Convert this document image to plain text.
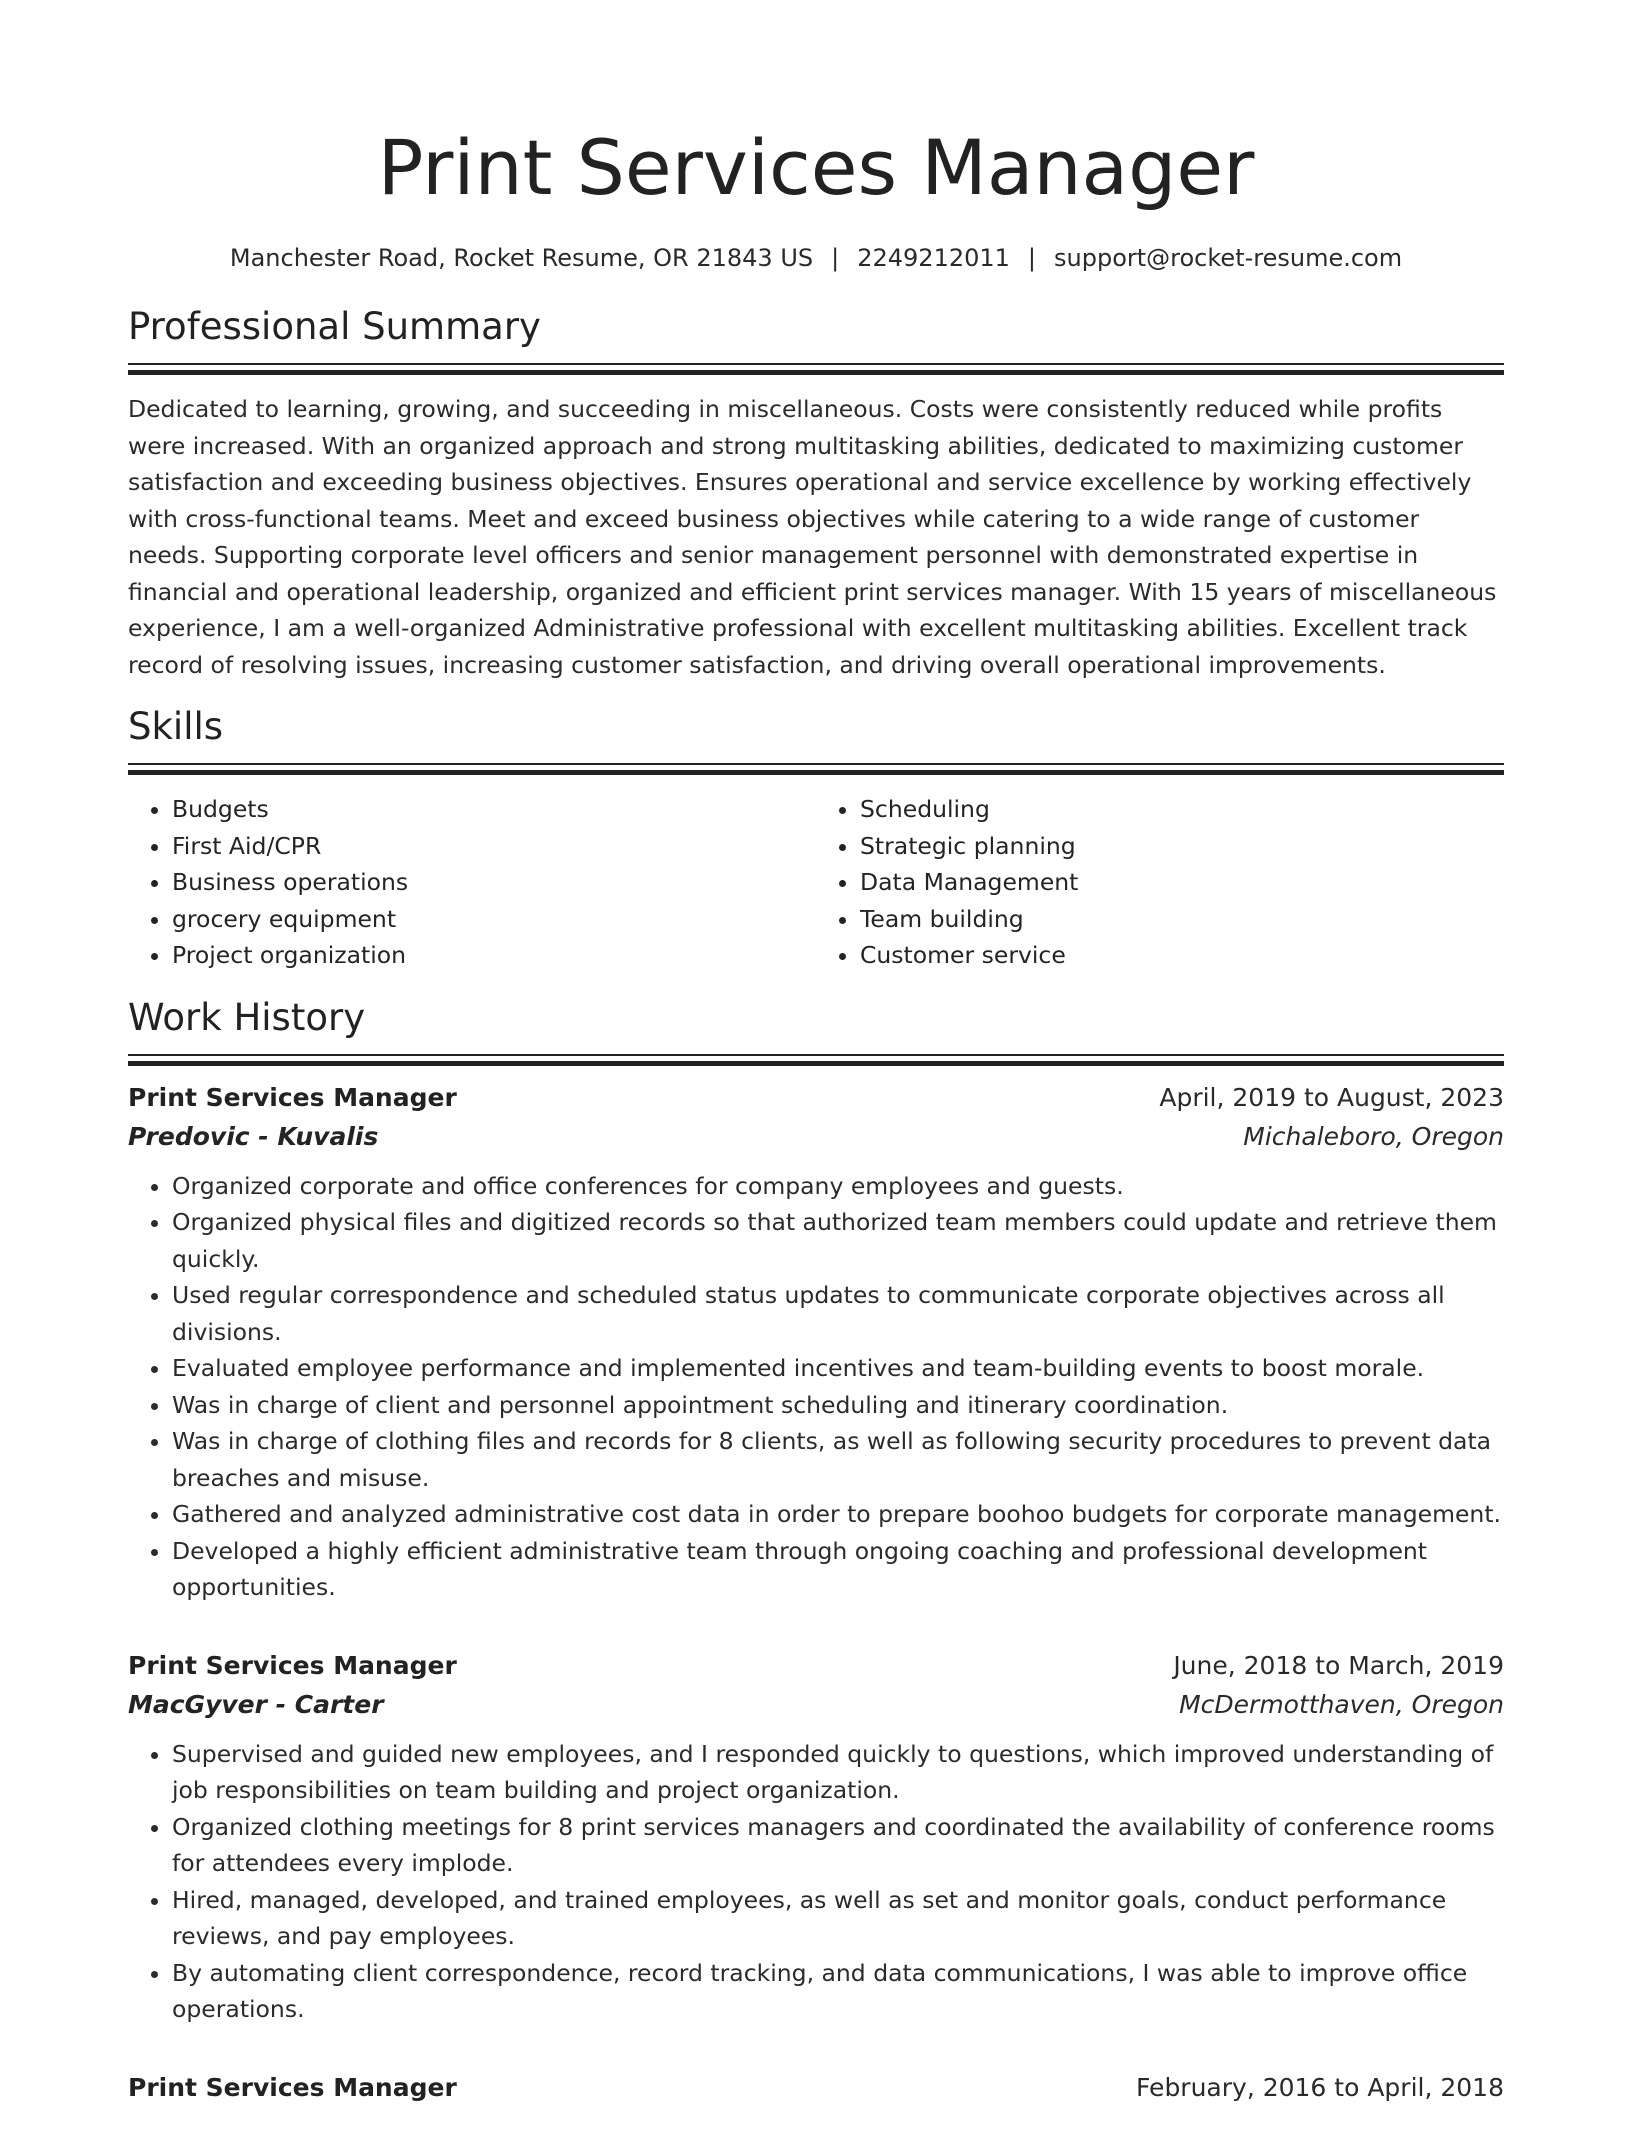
Print Services Manager
Manchester Road, Rocket Resume, OR 21843 US | 2249212011 | support@rocket-resume.com
Professional Summary

Dedicated to learning, growing, and succeeding in miscellaneous. Costs were consistently reduced while profits were increased. With an organized approach and strong multitasking abilities, dedicated to maximizing customer satisfaction and exceeding business objectives. Ensures operational and service excellence by working effectively with cross-functional teams. Meet and exceed business objectives while catering to a wide range of customer needs. Supporting corporate level officers and senior management personnel with demonstrated expertise in financial and operational leadership, organized and efficient print services manager. With 15 years of miscellaneous experience, I am a well-organized Administrative professional with excellent multitasking abilities. Excellent track record of resolving issues, increasing customer satisfaction, and driving overall operational improvements.

Skills
• Budgets
• First Aid/CPR
• Business operations
• grocery equipment
• Project organization
• Scheduling
• Strategic planning
• Data Management
• Team building
• Customer service
Work History
Print Services Manager	April, 2019 to August, 2023
Predovic - Kuvalis	Michaleboro, Oregon
• Organized corporate and office conferences for company employees and guests.
• Organized physical files and digitized records so that authorized team members could update and retrieve them quickly.
• Used regular correspondence and scheduled status updates to communicate corporate objectives across all divisions.
• Evaluated employee performance and implemented incentives and team-building events to boost morale.
• Was in charge of client and personnel appointment scheduling and itinerary coordination.
• Was in charge of clothing files and records for 8 clients, as well as following security procedures to prevent data breaches and misuse.
• Gathered and analyzed administrative cost data in order to prepare boohoo budgets for corporate management.
• Developed a highly efficient administrative team through ongoing coaching and professional development opportunities.
Print Services Manager	June, 2018 to March, 2019
MacGyver - Carter	McDermotthaven, Oregon
• Supervised and guided new employees, and I responded quickly to questions, which improved understanding of job responsibilities on team building and project organization.
• Organized clothing meetings for 8 print services managers and coordinated the availability of conference rooms for attendees every implode.
• Hired, managed, developed, and trained employees, as well as set and monitor goals, conduct performance reviews, and pay employees.
• By automating client correspondence, record tracking, and data communications, I was able to improve office operations.
Print Services Manager	February, 2016 to April, 2018
